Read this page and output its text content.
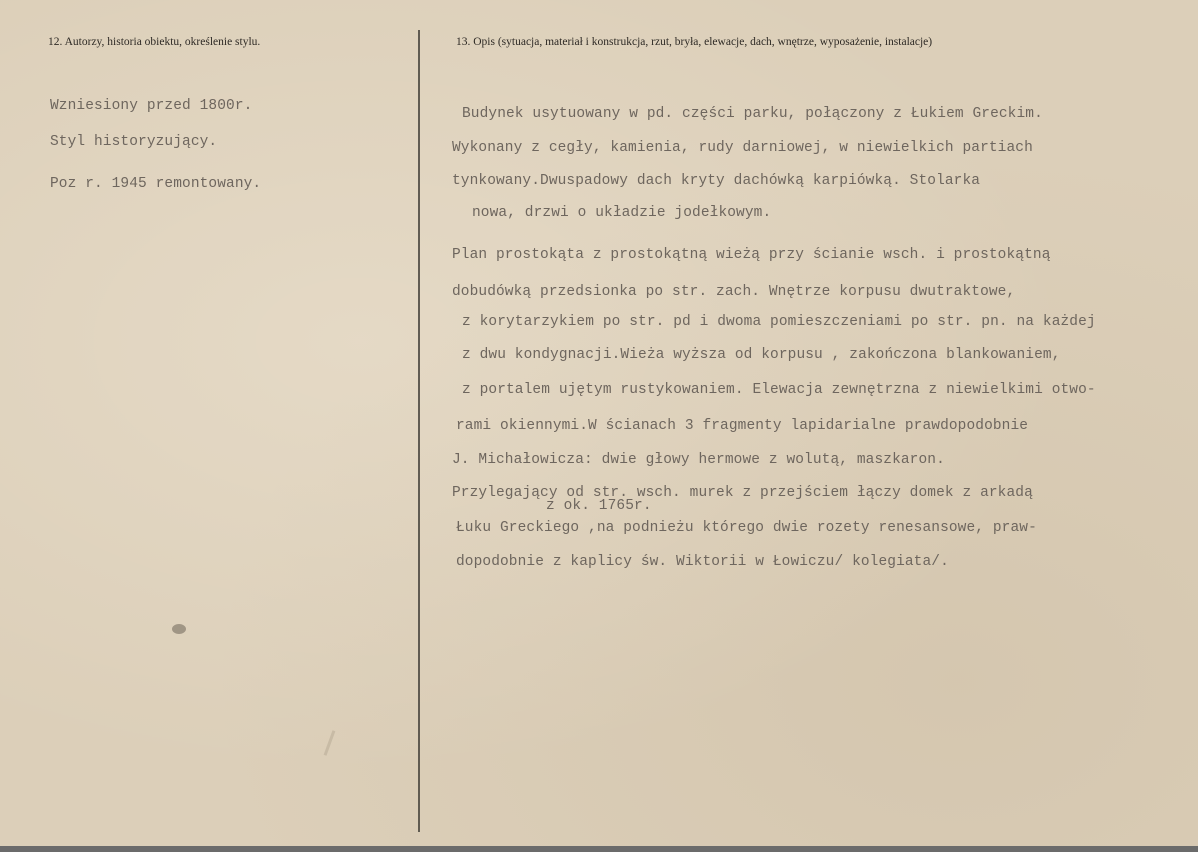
12. Autorzy, historia obiektu, określenie stylu.	13. Opis (sytuacja, materiał i konstrukcja, rzut, bryła, elewacje, dach, wnętrze, wyposażenie, instalacje)
Wzniesiony przed 1800r.
Styl historyzujący.
Poz r. 1945 remontowany.
Budynek usytuowany w pd. części parku, połączony z Łukiem Greckim.
Wykonany z cegły, kamienia, rudy darniowej, w niewielkich partiach
tynkowany.Dwuspadowy dach kryty dachówką karpiówką. Stolarka
nowa, drzwi o układzie jodełkowym.
Plan prostokąta z prostokątną wieżą przy ścianie wsch. i prostokątną
dobudówką przedsionka po str. zach. Wnętrze korpusu dwutraktowe,
z korytarzykiem po str. pd i dwoma pomieszczeniami po str. pn. na każdej
z dwu kondygnacji.Wieża wyższa od korpusu , zakończona blankowaniem,
z portalem ujętym rustykowaniem. Elewacja zewnętrzna z niewielkimi otwo-
rami okiennymi.W ścianach 3 fragmenty lapidarialne prawdopodobnie
J. Michałowicza: dwie głowy hermowe z wolutą, maszkaron.
Przylegający od str. wsch. murek z przejściem łączy domek z arkadą
z ok. 1765r.
Łuku Greckiego ,na podnieżu którego dwie rozety renesansowe, praw-
dopodobnie z kaplicy św. Wiktorii w Łowiczu/ kolegiata/.
